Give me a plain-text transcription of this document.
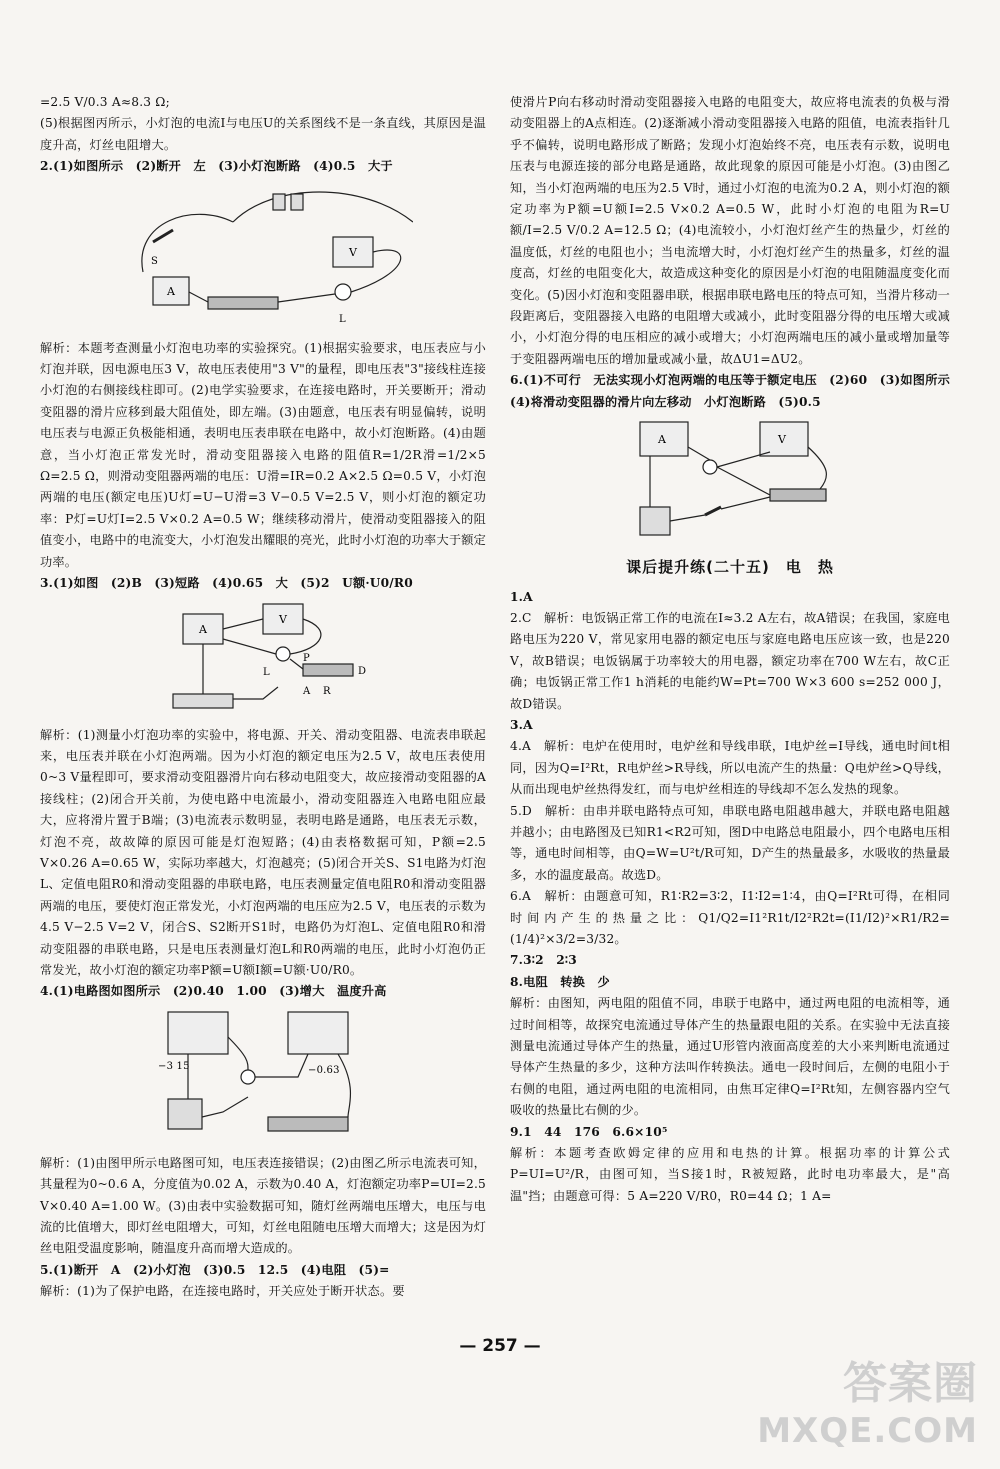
=2.5 V/0.3 A≈8.3 Ω;

(5)根据图丙所示，小灯泡的电流I与电压U的关系图线不是一条直线，其原因是温度升高，灯丝电阻增大。

2.(1)如图所示　(2)断开　左　(3)小灯泡断路　(4)0.5　大于

V
A
L
S

解析：本题考查测量小灯泡电功率的实验探究。(1)根据实验要求，电压表应与小灯泡并联，因电源电压3 V，故电压表使用"3 V"的量程，即电压表"3"接线柱连接小灯泡的右侧接线柱即可。(2)电学实验要求，在连接电路时，开关要断开；滑动变阻器的滑片应移到最大阻值处，即左端。(3)由题意，电压表有明显偏转，说明电压表与电源正负极能相通，表明电压表串联在电路中，故小灯泡断路。(4)由题意，当小灯泡正常发光时，滑动变阻器接入电路的阻值R=1/2R滑=1/2×5 Ω=2.5 Ω，则滑动变阻器两端的电压：U滑=IR=0.2 A×2.5 Ω=0.5 V，小灯泡两端的电压(额定电压)U灯=U−U滑=3 V−0.5 V=2.5 V，则小灯泡的额定功率：P灯=U灯I=2.5 V×0.2 A=0.5 W；继续移动滑片，使滑动变阻器接入的阻值变小，电路中的电流变大，小灯泡发出耀眼的亮光，此时小灯泡的功率大于额定功率。

3.(1)如图　(2)B　(3)短路　(4)0.65　大　(5)2　U额·U0/R0

A
V
L
P
D
A R

解析：(1)测量小灯泡功率的实验中，将电源、开关、滑动变阻器、电流表串联起来，电压表并联在小灯泡两端。因为小灯泡的额定电压为2.5 V，故电压表使用0~3 V量程即可，要求滑动变阻器滑片向右移动电阻变大，故应接滑动变阻器的A接线柱；(2)闭合开关前，为使电路中电流最小，滑动变阻器连入电路电阻应最大，应将滑片置于B端；(3)电流表示数明显，表明电路是通路，电压表无示数，灯泡不亮，故故障的原因可能是灯泡短路；(4)由表格数据可知，P额=2.5 V×0.26 A=0.65 W，实际功率越大，灯泡越亮；(5)闭合开关S、S1电路为灯泡L、定值电阻R0和滑动变阻器的串联电路，电压表测量定值电阻R0和滑动变阻器两端的电压，要使灯泡正常发光，小灯泡两端的电压应为2.5 V，电压表的示数为4.5 V−2.5 V=2 V，闭合S、S2断开S1时，电路仍为灯泡L、定值电阻R0和滑动变阻器的串联电路，只是电压表测量灯泡L和R0两端的电压，此时小灯泡仍正常发光，故小灯泡的额定功率P额=U额I额=U额·U0/R0。

4.(1)电路图如图所示　(2)0.40　1.00　(3)增大　温度升高

−3 15	−0.63

解析：(1)由图甲所示电路图可知，电压表连接错误；(2)由图乙所示电流表可知，其量程为0~0.6 A，分度值为0.02 A，示数为0.40 A，灯泡额定功率P=UI=2.5 V×0.40 A=1.00 W。(3)由表中实验数据可知，随灯丝两端电压增大，电压与电流的比值增大，即灯丝电阻增大，可知，灯丝电阻随电压增大而增大；这是因为灯丝电阻受温度影响，随温度升高而增大造成的。

5.(1)断开　A　(2)小灯泡　(3)0.5　12.5　(4)电阻　(5)=

解析：(1)为了保护电路，在连接电路时，开关应处于断开状态。要

使滑片P向右移动时滑动变阻器接入电路的电阻变大，故应将电流表的负极与滑动变阻器上的A点相连。(2)逐渐减小滑动变阻器接入电路的阻值，电流表指针几乎不偏转，说明电路形成了断路；发现小灯泡始终不亮，电压表有示数，说明电压表与电源连接的部分电路是通路，故此现象的原因可能是小灯泡。(3)由图乙知，当小灯泡两端的电压为2.5 V时，通过小灯泡的电流为0.2 A，则小灯泡的额定功率为P额=U额I=2.5 V×0.2 A=0.5 W，此时小灯泡的电阻为R=U额/I=2.5 V/0.2 A=12.5 Ω；(4)电流较小，小灯泡灯丝产生的热量少，灯丝的温度低，灯丝的电阻也小；当电流增大时，小灯泡灯丝产生的热量多，灯丝的温度高，灯丝的电阻变化大，故造成这种变化的原因是小灯泡的电阻随温度变化而变化。(5)因小灯泡和变阻器串联，根据串联电路电压的特点可知，当滑片移动一段距离后，变阻器接入电路的电阻增大或减小，此时变阻器分得的电压增大或减小，小灯泡分得的电压相应的减小或增大；小灯泡两端电压的减小量或增加量等于变阻器两端电压的增加量或减小量，故ΔU1=ΔU2。

6.(1)不可行　无法实现小灯泡两端的电压等于额定电压　(2)60　(3)如图所示　(4)将滑动变阻器的滑片向左移动　小灯泡断路　(5)0.5

A	V
课后提升练(二十五)　电　热

1.A

2.C　解析：电饭锅正常工作的电流在I≈3.2 A左右，故A错误；在我国，家庭电路电压为220 V，常见家用电器的额定电压与家庭电路电压应该一致，也是220 V，故B错误；电饭锅属于功率较大的用电器，额定功率在700 W左右，故C正确；电饭锅正常工作1 h消耗的电能约W=Pt=700 W×3 600 s=252 000 J，故D错误。

3.A

4.A　解析：电炉在使用时，电炉丝和导线串联，I电炉丝=I导线，通电时间t相同，因为Q=I²Rt，R电炉丝>R导线，所以电流产生的热量：Q电炉丝>Q导线，从而出现电炉丝热得发红，而与电炉丝相连的导线却不怎么发热的现象。

5.D　解析：由串并联电路特点可知，串联电路电阻越串越大，并联电路电阻越并越小；由电路图及已知R1<R2可知，图D中电路总电阻最小，四个电路电压相等，通电时间相等，由Q=W=U²t/R可知，D产生的热量最多，水吸收的热量最多，水的温度最高。故选D。

6.A　解析：由题意可知，R1∶R2=3∶2，I1∶I2=1∶4，由Q=I²Rt可得，在相同时间内产生的热量之比：Q1/Q2=I1²R1t/I2²R2t=(I1/I2)²×R1/R2=(1/4)²×3/2=3/32。

7.3∶2　2∶3

8.电阻　转换　少

解析：由图知，两电阻的阻值不同，串联于电路中，通过两电阻的电流相等，通过时间相等，故探究电流通过导体产生的热量跟电阻的关系。在实验中无法直接测量电流通过导体产生的热量，通过U形管内液面高度差的大小来判断电流通过导体产生热量的多少，这种方法叫作转换法。通电一段时间后，左侧的电阻小于右侧的电阻，通过两电阻的电流相同，由焦耳定律Q=I²Rt知，左侧容器内空气吸收的热量比右侧的少。

9.1　44　176　6.6×10⁵

解析：本题考查欧姆定律的应用和电热的计算。根据功率的计算公式P=UI=U²/R，由图可知，当S接1时，R被短路，此时电功率最大，是"高温"挡；由题意可得：5 A=220 V/R0，R0=44 Ω；1 A=

— 257 —
答案圈
MXQE.COM
